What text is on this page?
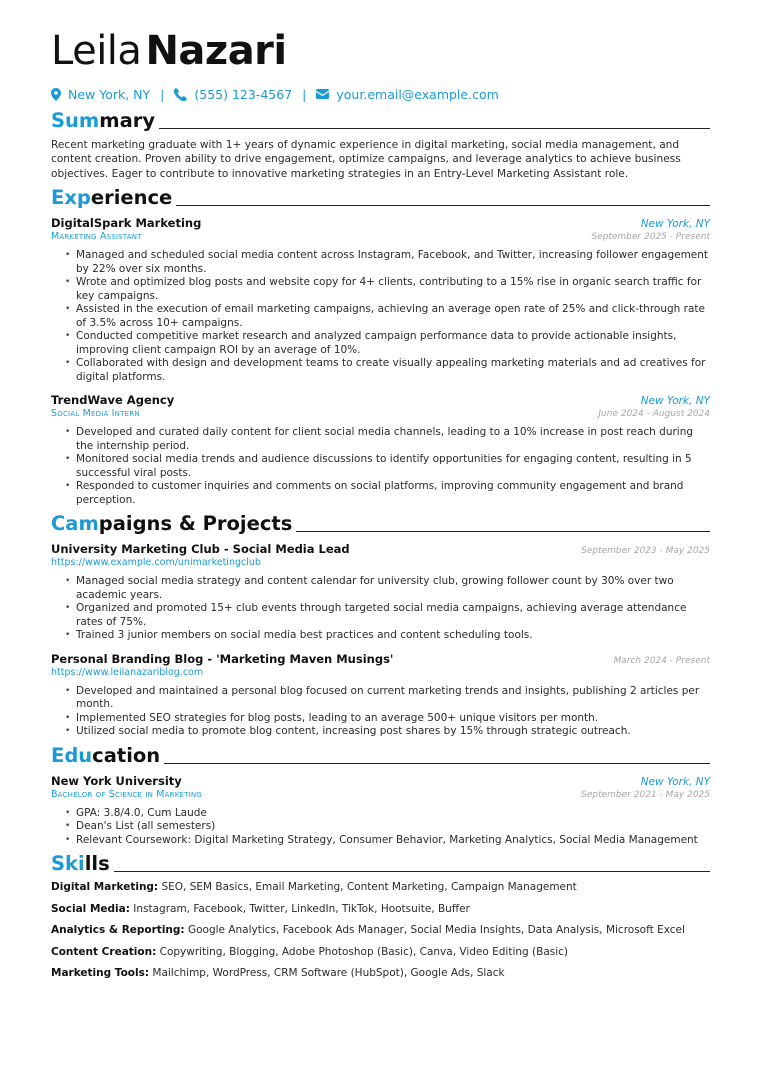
Leila Nazari
New York, NY | (555) 123-4567 | your.email@example.com
Sum mary

Recent marketing graduate with 1+ years of dynamic experience in digital marketing, social media management, and content creation. Proven ability to drive engagement, optimize campaigns, and leverage analytics to achieve business objectives. Eager to contribute to innovative marketing strategies in an Entry-Level Marketing Assistant role.

Exp erience
DigitalSpark Marketing	New York, NY
Marketing Assistant	September 2025 - Present
• Managed and scheduled social media content across Instagram, Facebook, and Twitter, increasing follower engagement by 22% over six months.
• Wrote and optimized blog posts and website copy for 4+ clients, contributing to a 15% rise in organic search traffic for key campaigns.
• Assisted in the execution of email marketing campaigns, achieving an average open rate of 25% and click-through rate of 3.5% across 10+ campaigns.
• Conducted competitive market research and analyzed campaign performance data to provide actionable insights, improving client campaign ROI by an average of 10%.
• Collaborated with design and development teams to create visually appealing marketing materials and ad creatives for digital platforms.
TrendWave Agency	New York, NY
Social Media Intern	June 2024 - August 2024
• Developed and curated daily content for client social media channels, leading to a 10% increase in post reach during the internship period.
• Monitored social media trends and audience discussions to identify opportunities for engaging content, resulting in 5 successful viral posts.
• Responded to customer inquiries and comments on social platforms, improving community engagement and brand perception.
Cam paigns & Projects
University Marketing Club - Social Media Lead	September 2023 - May 2025
https://www.example.com/unimarketingclub
• Managed social media strategy and content calendar for university club, growing follower count by 30% over two academic years.
• Organized and promoted 15+ club events through targeted social media campaigns, achieving average attendance rates of 75%.
• Trained 3 junior members on social media best practices and content scheduling tools.
Personal Branding Blog - 'Marketing Maven Musings'	March 2024 - Present
https://www.leilanazariblog.com
• Developed and maintained a personal blog focused on current marketing trends and insights, publishing 2 articles per month.
• Implemented SEO strategies for blog posts, leading to an average 500+ unique visitors per month.
• Utilized social media to promote blog content, increasing post shares by 15% through strategic outreach.
Edu cation
New York University	New York, NY
Bachelor of Science in Marketing	September 2021 - May 2025
• GPA: 3.8/4.0, Cum Laude
• Dean's List (all semesters)
• Relevant Coursework: Digital Marketing Strategy, Consumer Behavior, Marketing Analytics, Social Media Management
Ski lls
Digital Marketing: SEO, SEM Basics, Email Marketing, Content Marketing, Campaign Management
Social Media: Instagram, Facebook, Twitter, LinkedIn, TikTok, Hootsuite, Buffer
Analytics & Reporting: Google Analytics, Facebook Ads Manager, Social Media Insights, Data Analysis, Microsoft Excel
Content Creation: Copywriting, Blogging, Adobe Photoshop (Basic), Canva, Video Editing (Basic)
Marketing Tools: Mailchimp, WordPress, CRM Software (HubSpot), Google Ads, Slack
